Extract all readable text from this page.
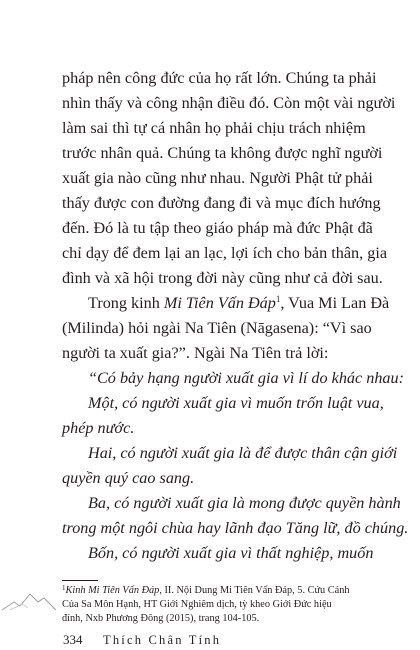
pháp nên công đức của họ rất lớn. Chúng ta phải
nhìn thấy và công nhận điều đó. Còn một vài người
làm sai thì tự cá nhân họ phải chịu trách nhiệm
trước nhân quả. Chúng ta không được nghĩ người
xuất gia nào cũng như nhau. Người Phật tử phải
thấy được con đường đang đi và mục đích hướng
đến. Đó là tu tập theo giáo pháp mà đức Phật đã
chỉ dạy để đem lại an lạc, lợi ích cho bản thân, gia
đình và xã hội trong đời này cũng như cả đời sau.
Trong kinh Mi Tiên Vấn Đáp$^1$, Vua Mi Lan Đà
(Milinda) hỏi ngài Na Tiên (Nāgasena): “Vì sao
người ta xuất gia?”. Ngài Na Tiên trả lời:
“Có bảy hạng người xuất gia vì lí do khác nhau:
Một, có người xuất gia vì muốn trốn luật vua,
phép nước.
Hai, có người xuất gia là để được thân cận giới
quyền quý cao sang.
Ba, có người xuất gia là mong được quyền hành
trong một ngôi chùa hay lãnh đạo Tăng lữ, đồ chúng.
Bốn, có người xuất gia vì thất nghiệp, muốn
$^1$Kinh Mi Tiên Vấn Đáp, II. Nội Dung Mi Tiên Vấn Đáp, 5. Cứu Cánh
Của Sa Môn Hạnh, HT Giới Nghiêm dịch, tỳ kheo Giới Đức hiệu
đính, Nxb Phương Đông (2015), trang 104-105.
334 Thích Chân Tính
